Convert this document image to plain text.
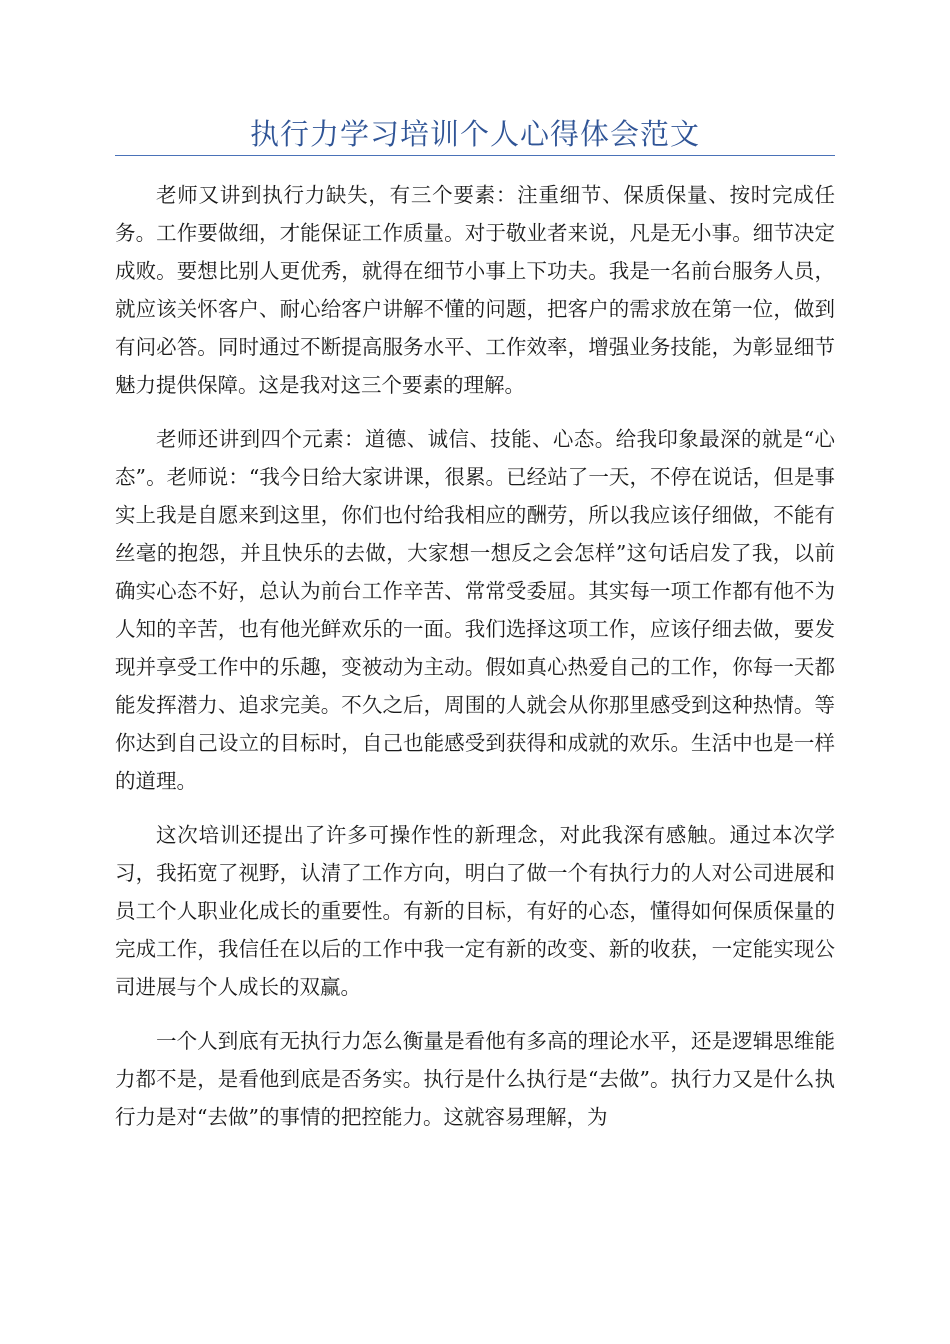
执行力学习培训个人心得体会范文

老师又讲到执行力缺失，有三个要素：注重细节、保质保量、按时完成任务。工作要做细，才能保证工作质量。对于敬业者来说，凡是无小事。细节决定成败。要想比别人更优秀，就得在细节小事上下功夫。我是一名前台服务人员，就应该关怀客户、耐心给客户讲解不懂的问题，把客户的需求放在第一位，做到有问必答。同时通过不断提高服务水平、工作效率，增强业务技能，为彰显细节魅力提供保障。这是我对这三个要素的理解。

老师还讲到四个元素：道德、诚信、技能、心态。给我印象最深的就是“心态”。老师说：“我今日给大家讲课，很累。已经站了一天，不停在说话，但是事实上我是自愿来到这里，你们也付给我相应的酬劳，所以我应该仔细做，不能有丝毫的抱怨，并且快乐的去做，大家想一想反之会怎样”这句话启发了我，以前确实心态不好，总认为前台工作辛苦、常常受委屈。其实每一项工作都有他不为人知的辛苦，也有他光鲜欢乐的一面。我们选择这项工作，应该仔细去做，要发现并享受工作中的乐趣，变被动为主动。假如真心热爱自己的工作，你每一天都能发挥潜力、追求完美。不久之后，周围的人就会从你那里感受到这种热情。等你达到自己设立的目标时，自己也能感受到获得和成就的欢乐。生活中也是一样的道理。

这次培训还提出了许多可操作性的新理念，对此我深有感触。通过本次学习，我拓宽了视野，认清了工作方向，明白了做一个有执行力的人对公司进展和员工个人职业化成长的重要性。有新的目标，有好的心态，懂得如何保质保量的完成工作，我信任在以后的工作中我一定有新的改变、新的收获，一定能实现公司进展与个人成长的双赢。

一个人到底有无执行力怎么衡量是看他有多高的理论水平，还是逻辑思维能力都不是，是看他到底是否务实。执行是什么执行是“去做”。执行力又是什么执行力是对“去做”的事情的把控能力。这就容易理解，为
